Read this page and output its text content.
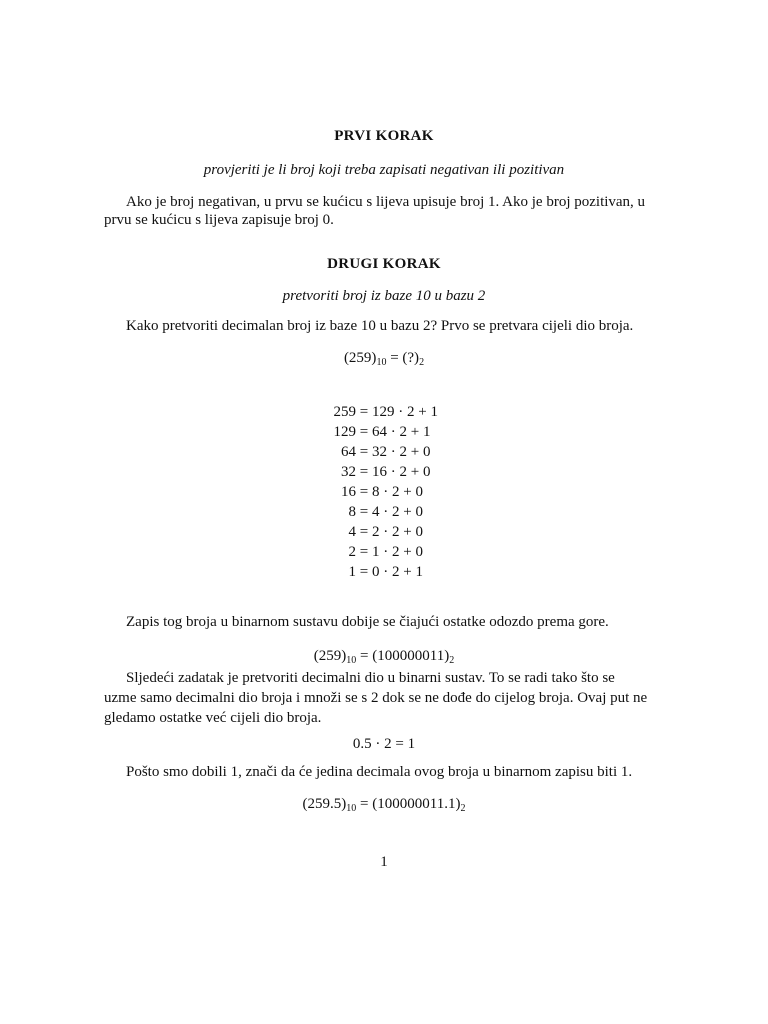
PRVI KORAK
provjeriti je li broj koji treba zapisati negativan ili pozitivan
Ako je broj negativan, u prvu se kućicu s lijeva upisuje broj 1. Ako je broj pozitivan, u
prvu se kućicu s lijeva zapisuje broj 0.
DRUGI KORAK
pretvoriti broj iz baze 10 u bazu 2
Kako pretvoriti decimalan broj iz baze 10 u bazu 2? Prvo se pretvara cijeli dio broja.
$(259)_{10}$ = $(?)_2$
259 = 129 · 2 + 1
129 = 64 · 2 + 1
64 = 32 · 2 + 0
32 = 16 · 2 + 0
16 = 8 · 2 + 0
8 = 4 · 2 + 0
4 = 2 · 2 + 0
2 = 1 · 2 + 0
1 = 0 · 2 + 1
Zapis tog broja u binarnom sustavu dobije se čiajući ostatke odozdo prema gore.
$(259)_{10} = (100000011)_2$
Sljedeći zadatak je pretvoriti decimalni dio u binarni sustav. To se radi tako što se
uzme samo decimalni dio broja i množi se s 2 dok se ne dođe do cijelog broja. Ovaj put ne
gledamo ostatke već cijeli dio broja.
0.5 · 2 = 1
Pošto smo dobili 1, znači da će jedina decimala ovog broja u binarnom zapisu biti 1.
$(259.5)_{10} = (100000011.1)_2$
1
